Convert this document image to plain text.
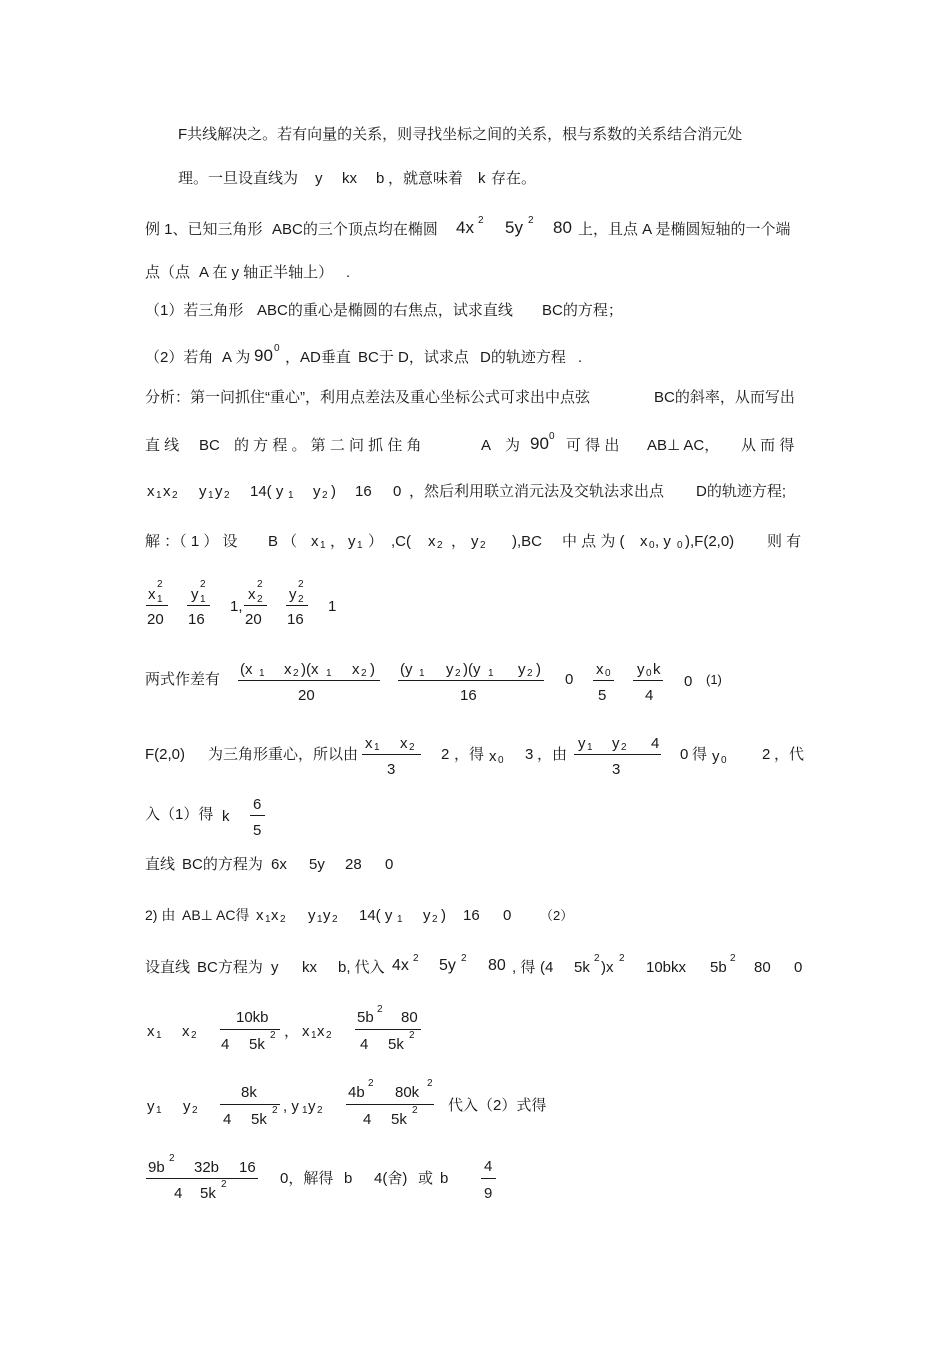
F共线解决之。若有向量的关系，则寻找坐标之间的关系，根与系数的关系结合消元处
理。一旦设直线为 y kx b ，就意味着 k 存在。
例 1、已知三角形 ABC的三个顶点均在椭圆 4x 2 5y 2 80 上，且点 A 是椭圆短轴的一个端
点（点 A 在 y 轴正半轴上） .
（1）若三角形 ABC的重心是椭圆的右焦点，试求直线 BC的方程；
（2）若角 A 为 90 0
，AD垂直 BC于 D，试求点 D的轨迹方程 .
分析：第一问抓住“重心”，利用点差法及重心坐标公式可求出中点弦	BC的斜率，从而写出
直 线 BC 的 方 程 。 第 二 问 抓 住 角	A 为 90 0
可 得 出 AB⊥ AC， 从 而 得
x 1 x 2 y 1 y 2 14( y 1 y 2 ) 16 0 ，然后利用联立消元法及交轨法求出点 D的轨迹方程;
解 ：（ 1 ） 设 B （ x 1 ， y 1 ） ,C( x 2 ， y 2 ),BC 中 点 为 ( x 0 , y 0 ),F(2,0) 则 有
x
2
1
20
y
2
1
16
1,
x
2
2
20
y
2
2
16
1
两式作差有
(x 1 x 2 )(x 1 x 2 )
20
(y 1 y 2 )(y 1 y 2 )
16
0
x 0
5
y 0 k
4
0 (1)
F(2,0) 为三角形重心，所以由
x 1 x 2
3
2 ，得 x 0 3 ，由
y 1 y 2 4
3
0 得 y 0 2 ，代
入（1）得 k
6
5
直线 BC的方程为 6x 5y 28 0
2) 由 AB⊥ AC得 x 1 x 2 y 1 y 2 14( y 1 y 2 ) 16 0 （2）
设直线 BC方程为 y kx b, 代入 4x 2 5y 2 80 , 得 (4 5k
2
)x
2
10bkx 5b
2
80 0
x 1 x 2
10kb
4 5k
2 ， x 1 x 2
5b 2 80
4 5k
2
y 1 y 2
8k
4 5k
2 , y 1 y 2
4b
2
80k
2
4 5k
2 代入（2）式得
9b
2
32b 16
4 5k
2	0，解得 b 4(舍) 或 b
4
9
